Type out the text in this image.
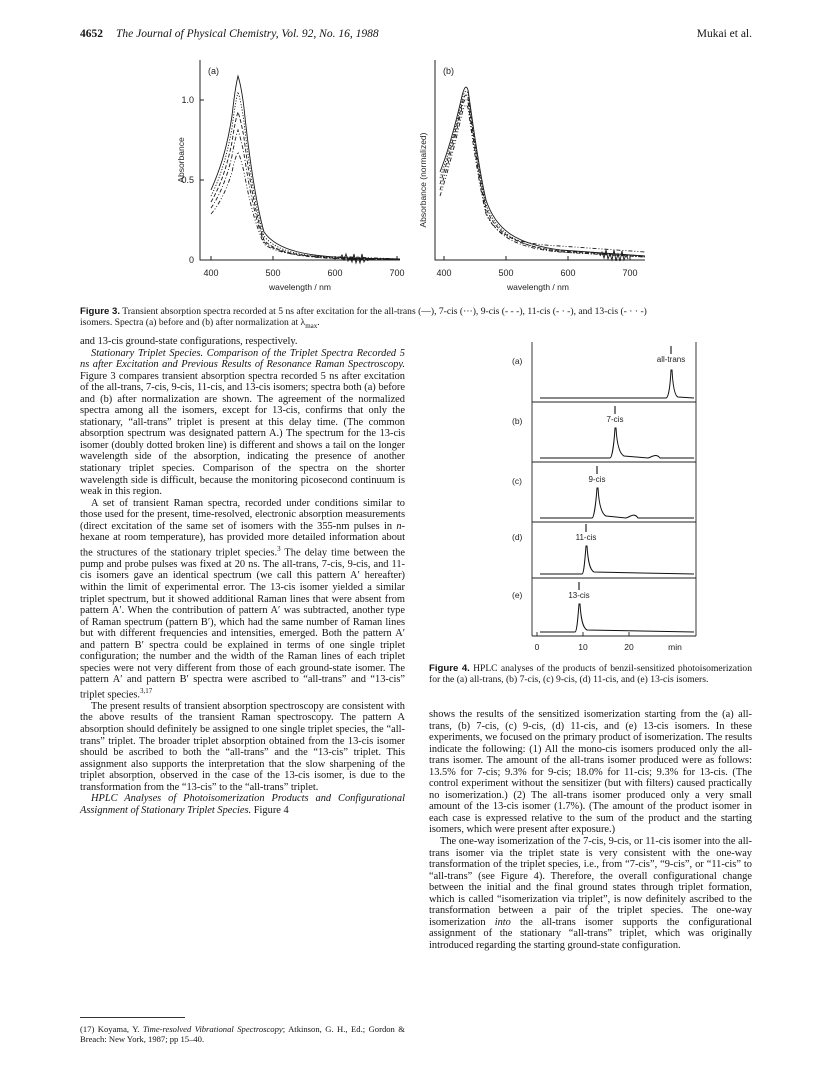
4652 The Journal of Physical Chemistry, Vol. 92, No. 16, 1988	Mukai et al.
0
0.5
1.0
400	500	600	700
wavelength / nm
Absorbance
(a)
400	500	600	700
wavelength / nm
Absorbance (normalized)
(b)
Figure 3. Transient absorption spectra recorded at 5 ns after excitation for the all-trans (—), 7-cis (···), 9-cis (- - -), 11-cis (- · -), and 13-cis (- · · -)
isomers. Spectra (a) before and (b) after normalization at $\lambda_{max}$.
(a)
(b)
(c)
(d)
(e)
all-trans
7-cis
9-cis
11-cis
13-cis
0	10	20	min
Figure 4. HPLC analyses of the products of benzil-sensitized photoisomerization for the (a) all-trans, (b) 7-cis, (c) 9-cis, (d) 11-cis, and (e) 13-cis isomers.

and 13-cis ground-state configurations, respectively.

Stationary Triplet Species. Comparison of the Triplet Spectra Recorded 5 ns after Excitation and Previous Results of Resonance Raman Spectroscopy. Figure 3 compares transient absorption spectra recorded 5 ns after excitation of the all-trans, 7-cis, 9-cis, 11-cis, and 13-cis isomers; spectra both (a) before and (b) after normalization are shown. The agreement of the normalized spectra among all the isomers, except for 13-cis, confirms that only the stationary, “all-trans” triplet is present at this delay time. (The common absorption spectrum was designated pattern A.) The spectrum for the 13-cis isomer (doubly dotted broken line) is different and shows a tail on the longer wavelength side of the absorption, indicating the presence of another stationary triplet species. Comparison of the spectra on the shorter wavelength side is difficult, because the monitoring picosecond continuum is weak in this region.

A set of transient Raman spectra, recorded under conditions similar to those used for the present, time-resolved, electronic absorption measurements (direct excitation of the same set of isomers with the 355-nm pulses in n-hexane at room temperature), has provided more detailed information about the structures of the stationary triplet species.$^3$ The delay time between the pump and probe pulses was fixed at 20 ns. The all-trans, 7-cis, 9-cis, and 11-cis isomers gave an identical spectrum (we call this pattern A′ hereafter) within the limit of experimental error. The 13-cis isomer yielded a similar triplet spectrum, but it showed additional Raman lines that were absent from pattern A′. When the contribution of pattern A′ was subtracted, another type of Raman spectrum (pattern B′), which had the same number of Raman lines but with different frequencies and intensities, emerged. Both the pattern A′ and pattern B′ spectra could be explained in terms of one single triplet configuration; the number and the width of the Raman lines of each triplet species were not very different from those of each ground-state isomer. The pattern A′ and pattern B′ spectra were ascribed to “all-trans” and “13-cis” triplet species.$^{3,17}$

The present results of transient absorption spectroscopy are consistent with the above results of the transient Raman spectroscopy. The pattern A absorption should definitely be assigned to one single triplet species, the “all-trans” triplet. The broader triplet absorption obtained from the 13-cis isomer should be ascribed to both the “all-trans” and the “13-cis” triplet. This assignment also supports the interpretation that the slow sharpening of the triplet absorption, observed in the case of the 13-cis isomer, is due to the transformation from the “13-cis” to the “all-trans” triplet.

HPLC Analyses of Photoisomerization Products and Configurational Assignment of Stationary Triplet Species. Figure 4

(17) Koyama, Y. Time-resolved Vibrational Spectroscopy; Atkinson, G. H., Ed.; Gordon & Breach: New York, 1987; pp 15–40.

shows the results of the sensitized isomerization starting from the (a) all-trans, (b) 7-cis, (c) 9-cis, (d) 11-cis, and (e) 13-cis isomers. In these experiments, we focused on the primary product of isomerization. The results indicate the following: (1) All the mono-cis isomers produced only the all-trans isomer. The amount of the all-trans isomer produced were as follows: 13.5% for 7-cis; 9.3% for 9-cis; 18.0% for 11-cis; 9.3% for 13-cis. (The control experiment without the sensitizer (but with filters) caused practically no isomerization.) (2) The all-trans isomer produced only a very small amount of the 13-cis isomer (1.7%). (The amount of the product isomer in each case is expressed relative to the sum of the product and the starting isomers, which were present after exposure.)

The one-way isomerization of the 7-cis, 9-cis, or 11-cis isomer into the all-trans isomer via the triplet state is very consistent with the one-way transformation of the triplet species, i.e., from “7-cis”, “9-cis”, or “11-cis” to “all-trans” (see Figure 4). Therefore, the overall configurational change between the initial and the final ground states through triplet formation, which is called “isomerization via triplet”, is now definitely ascribed to the transformation between a pair of the triplet species. The one-way isomerization into the all-trans isomer supports the configurational assignment of the stationary “all-trans” triplet, which was originally introduced regarding the starting ground-state configuration.
